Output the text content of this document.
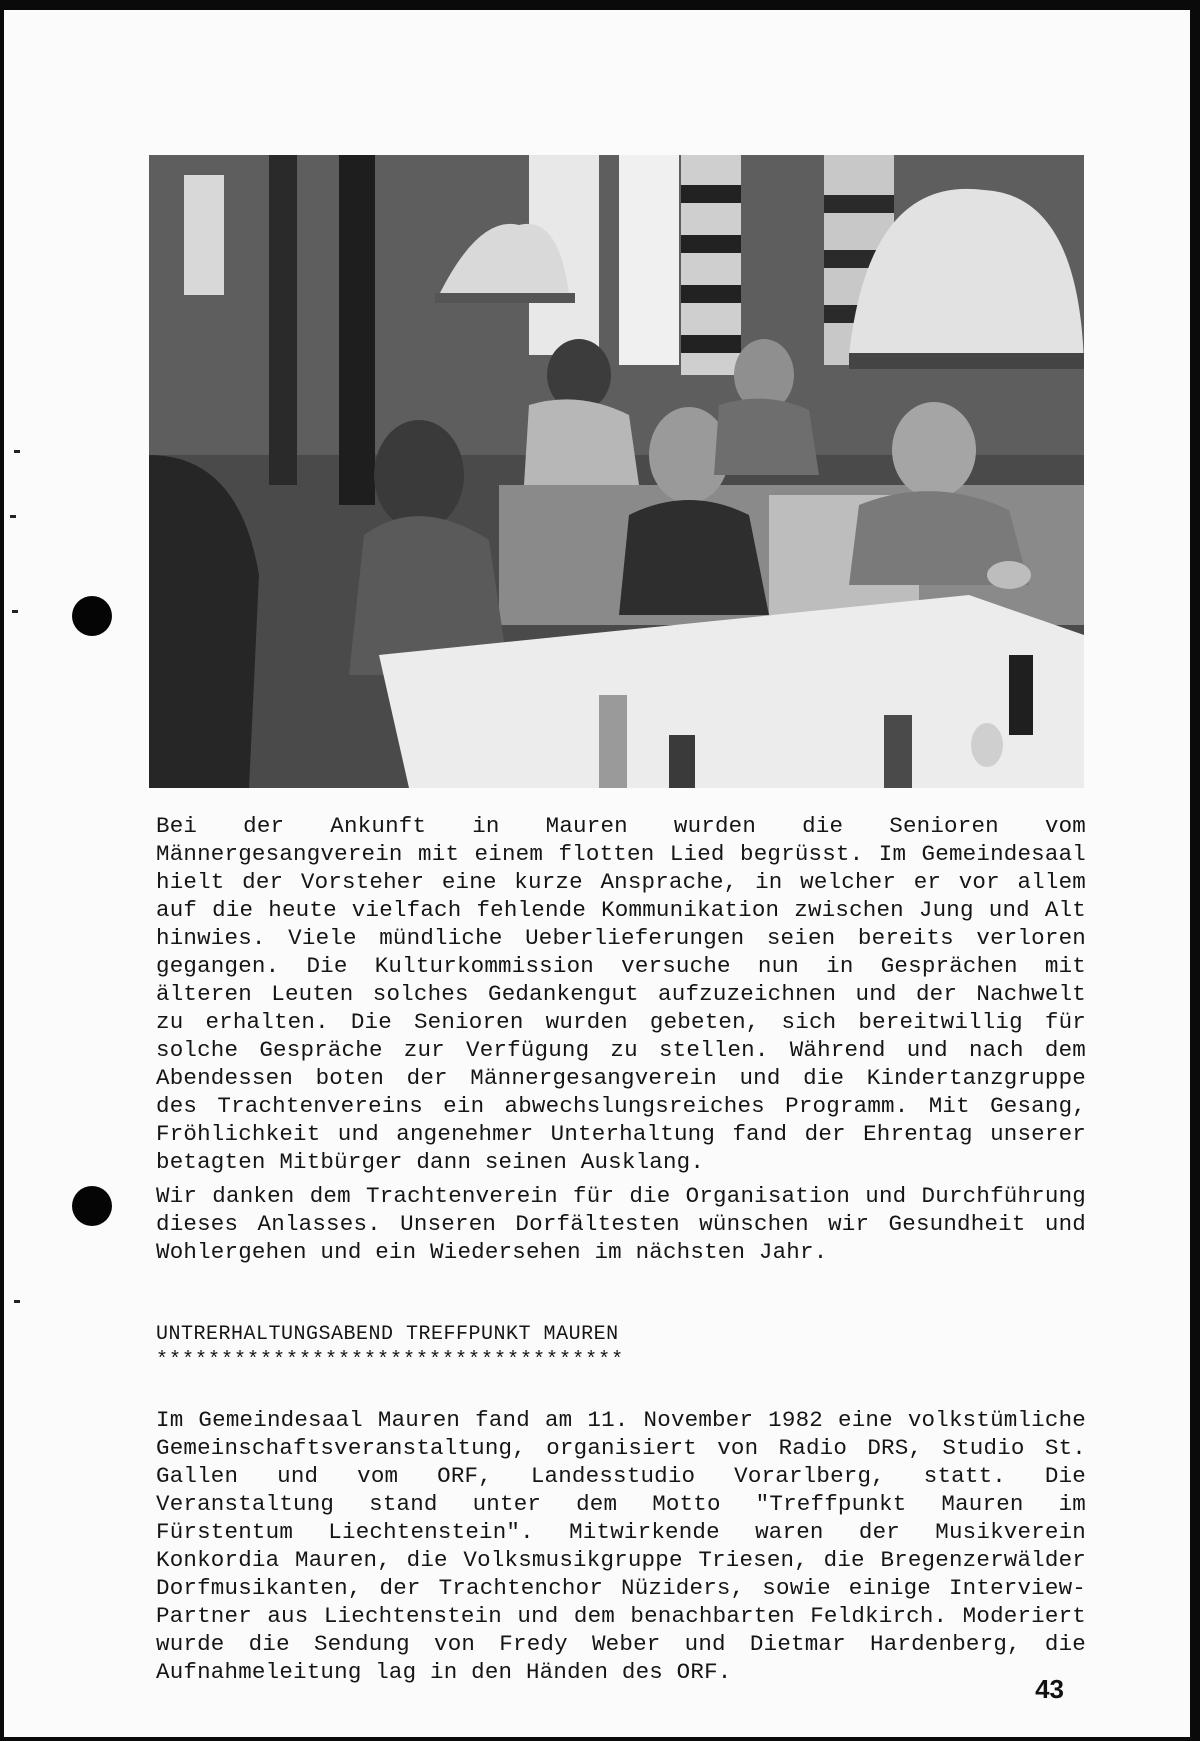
Bei der Ankunft in Mauren wurden die Senioren vom Männergesangverein mit einem flotten Lied begrüsst. Im Gemeindesaal hielt der Vorsteher eine kurze Ansprache, in welcher er vor allem auf die heute vielfach fehlende Kommunikation zwischen Jung und Alt hinwies. Viele mündliche Ueberlieferungen seien bereits verloren gegangen. Die Kulturkommission versuche nun in Gesprächen mit älteren Leuten solches Gedankengut aufzuzeichnen und der Nachwelt zu erhalten. Die Senioren wurden gebeten, sich bereitwillig für solche Gespräche zur Verfügung zu stellen. Während und nach dem Abendessen boten der Männergesangverein und die Kindertanzgruppe des Trachtenvereins ein abwechslungsreiches Programm. Mit Gesang, Fröhlichkeit und angenehmer Unterhaltung fand der Ehrentag unserer betagten Mitbürger dann seinen Ausklang.
Wir danken dem Trachtenverein für die Organisation und Durchführung dieses Anlasses. Unseren Dorfältesten wünschen wir Gesundheit und Wohlergehen und ein Wiedersehen im nächsten Jahr.
UNTRERHALTUNGSABEND TREFFPUNKT MAUREN
************************************
Im Gemeindesaal Mauren fand am 11. November 1982 eine volkstümliche Gemeinschaftsveranstaltung, organisiert von Radio DRS, Studio St. Gallen und vom ORF, Landesstudio Vorarlberg, statt. Die Veranstaltung stand unter dem Motto "Treffpunkt Mauren im Fürstentum Liechtenstein". Mitwirkende waren der Musikverein Konkordia Mauren, die Volksmusikgruppe Triesen, die Bregenzerwälder Dorfmusikanten, der Trachtenchor Nüziders, sowie einige Interview-Partner aus Liechtenstein und dem benachbarten Feldkirch. Moderiert wurde die Sendung von Fredy Weber und Dietmar Hardenberg, die Aufnahmeleitung lag in den Händen des ORF.
43
